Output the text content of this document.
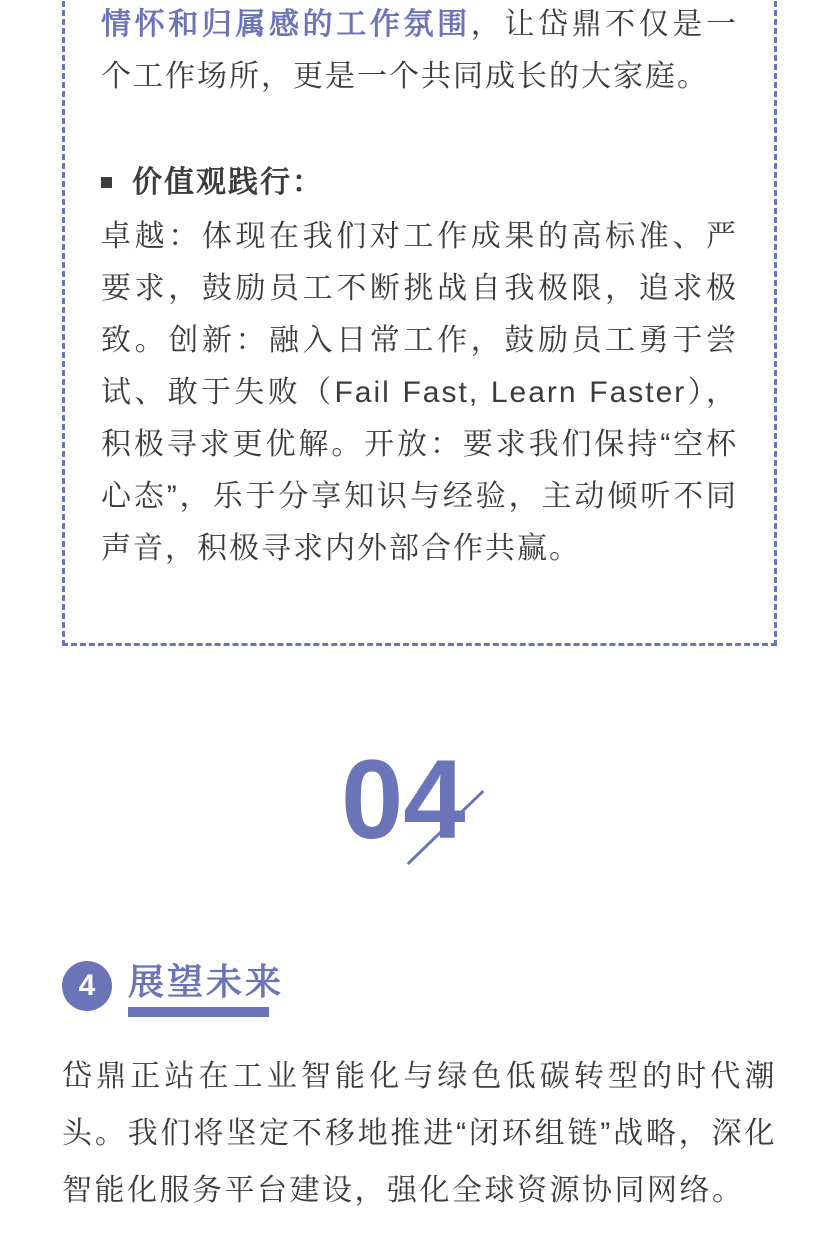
情怀和归属感的工作氛围，让岱鼎不仅是一个工作场所，更是一个共同成长的大家庭。

价值观践行：

卓越：体现在我们对工作成果的高标准、严要求，鼓励员工不断挑战自我极限，追求极致。创新：融入日常工作，鼓励员工勇于尝试、敢于失败（Fail Fast, Learn Faster），积极寻求更优解。开放：要求我们保持“空杯心态”，乐于分享知识与经验，主动倾听不同声音，积极寻求内外部合作共赢。

04
4 展望未来

岱鼎正站在工业智能化与绿色低碳转型的时代潮头。我们将坚定不移地推进“闭环组链”战略，深化智能化服务平台建设，强化全球资源协同网络。
